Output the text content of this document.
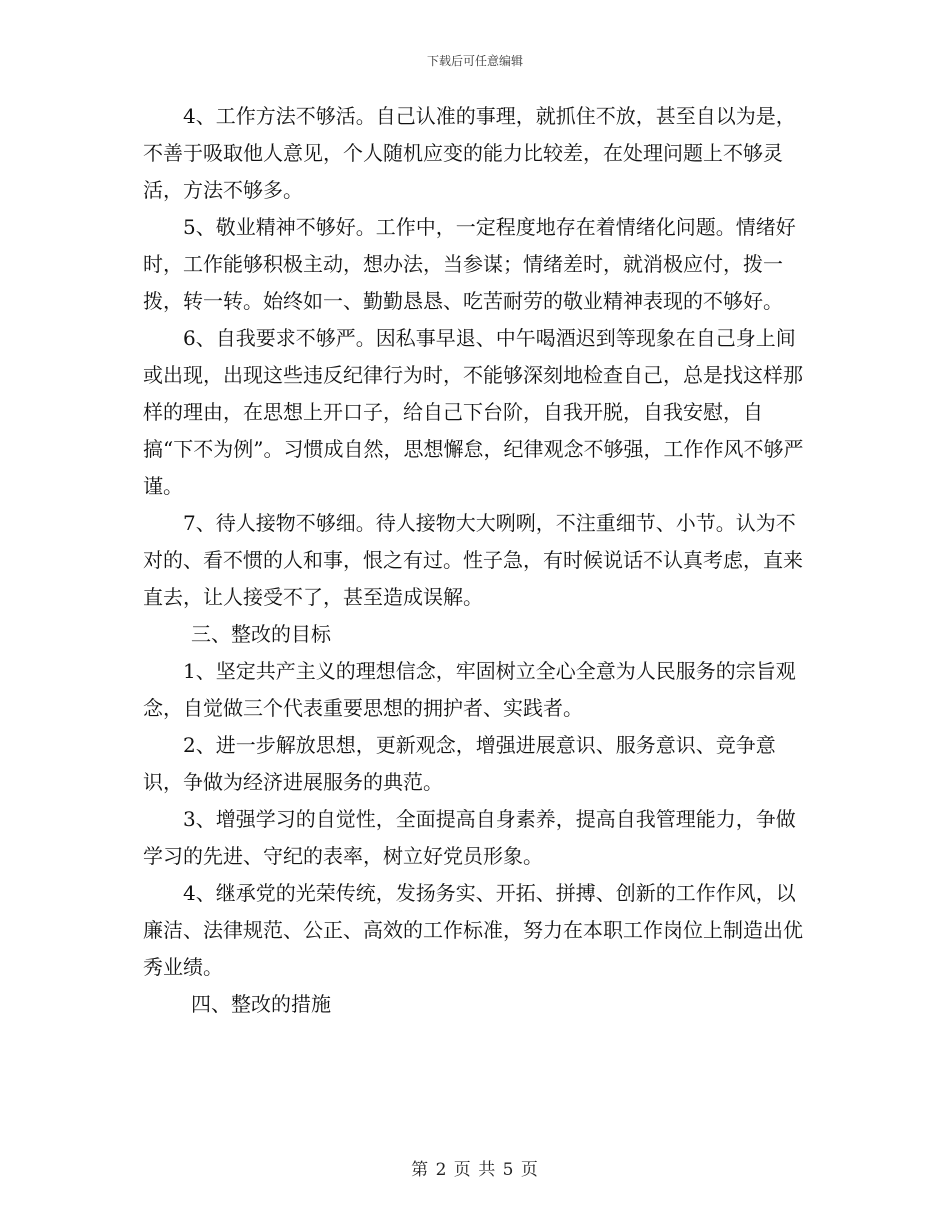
下载后可任意编辑

4、工作方法不够活。自己认准的事理，就抓住不放，甚至自以为是，不善于吸取他人意见，个人随机应变的能力比较差，在处理问题上不够灵活，方法不够多。

5、敬业精神不够好。工作中，一定程度地存在着情绪化问题。情绪好时，工作能够积极主动，想办法，当参谋；情绪差时，就消极应付，拨一拨，转一转。始终如一、勤勤恳恳、吃苦耐劳的敬业精神表现的不够好。

6、自我要求不够严。因私事早退、中午喝酒迟到等现象在自己身上间或出现，出现这些违反纪律行为时，不能够深刻地检查自己，总是找这样那样的理由，在思想上开口子，给自己下台阶，自我开脱，自我安慰，自搞“下不为例”。习惯成自然，思想懈怠，纪律观念不够强，工作作风不够严谨。

7、待人接物不够细。待人接物大大咧咧，不注重细节、小节。认为不对的、看不惯的人和事，恨之有过。性子急，有时候说话不认真考虑，直来直去，让人接受不了，甚至造成误解。

三、整改的目标

1、坚定共产主义的理想信念，牢固树立全心全意为人民服务的宗旨观念，自觉做三个代表重要思想的拥护者、实践者。

2、进一步解放思想，更新观念，增强进展意识、服务意识、竞争意识，争做为经济进展服务的典范。

3、增强学习的自觉性，全面提高自身素养，提高自我管理能力，争做学习的先进、守纪的表率，树立好党员形象。

4、继承党的光荣传统，发扬务实、开拓、拼搏、创新的工作作风，以廉洁、法律规范、公正、高效的工作标准，努力在本职工作岗位上制造出优秀业绩。

四、整改的措施

第 2 页 共 5 页
